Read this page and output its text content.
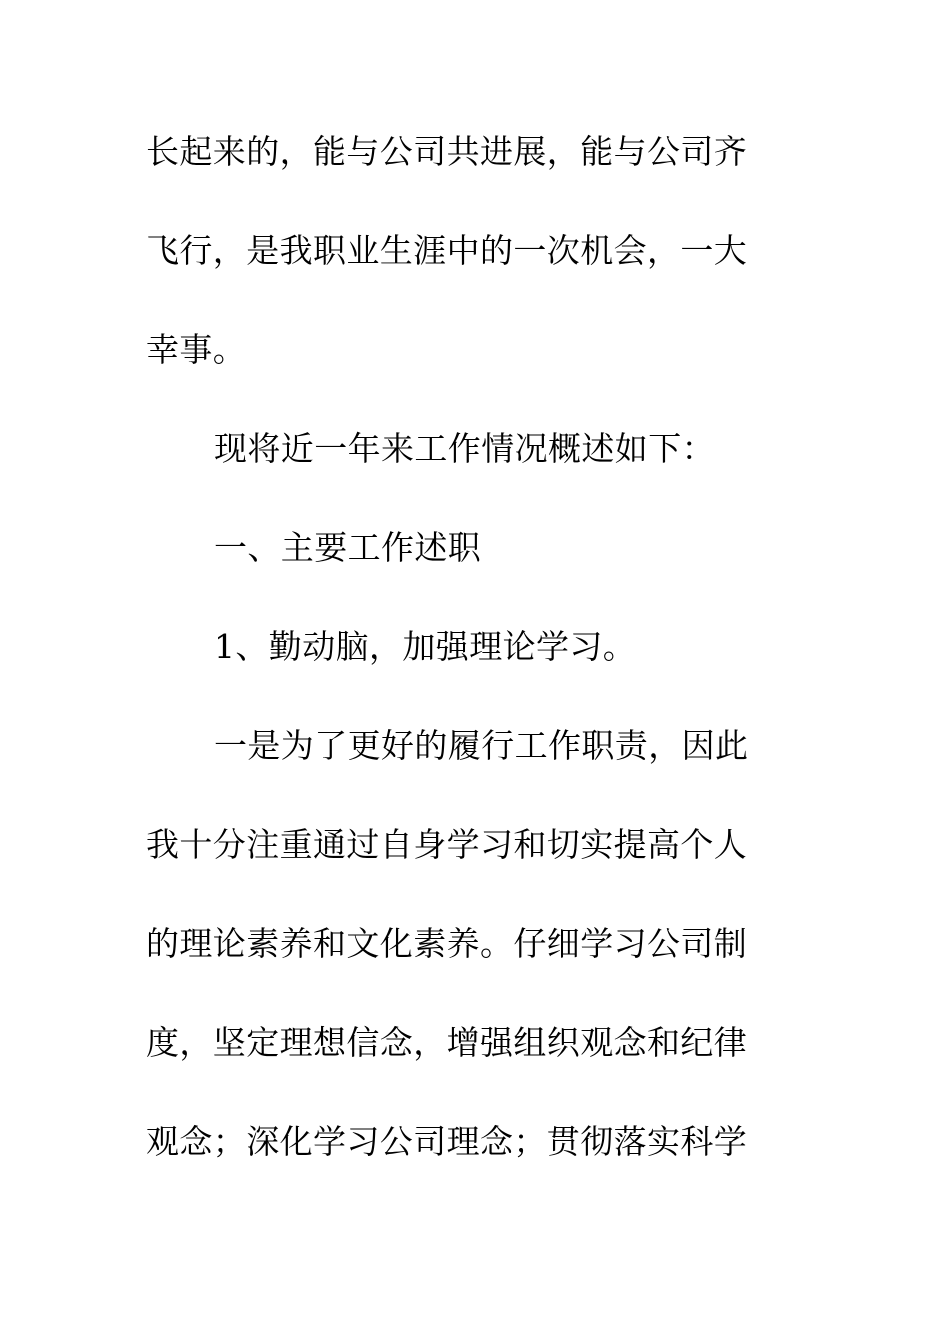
长起来的，能与公司共进展，能与公司齐
飞行，是我职业生涯中的一次机会，一大
幸事。
现将近一年来工作情况概述如下：
一、主要工作述职
1、勤动脑，加强理论学习。
一是为了更好的履行工作职责，因此
我十分注重通过自身学习和切实提高个人
的理论素养和文化素养。仔细学习公司制
度，坚定理想信念，增强组织观念和纪律
观念；深化学习公司理念；贯彻落实科学
